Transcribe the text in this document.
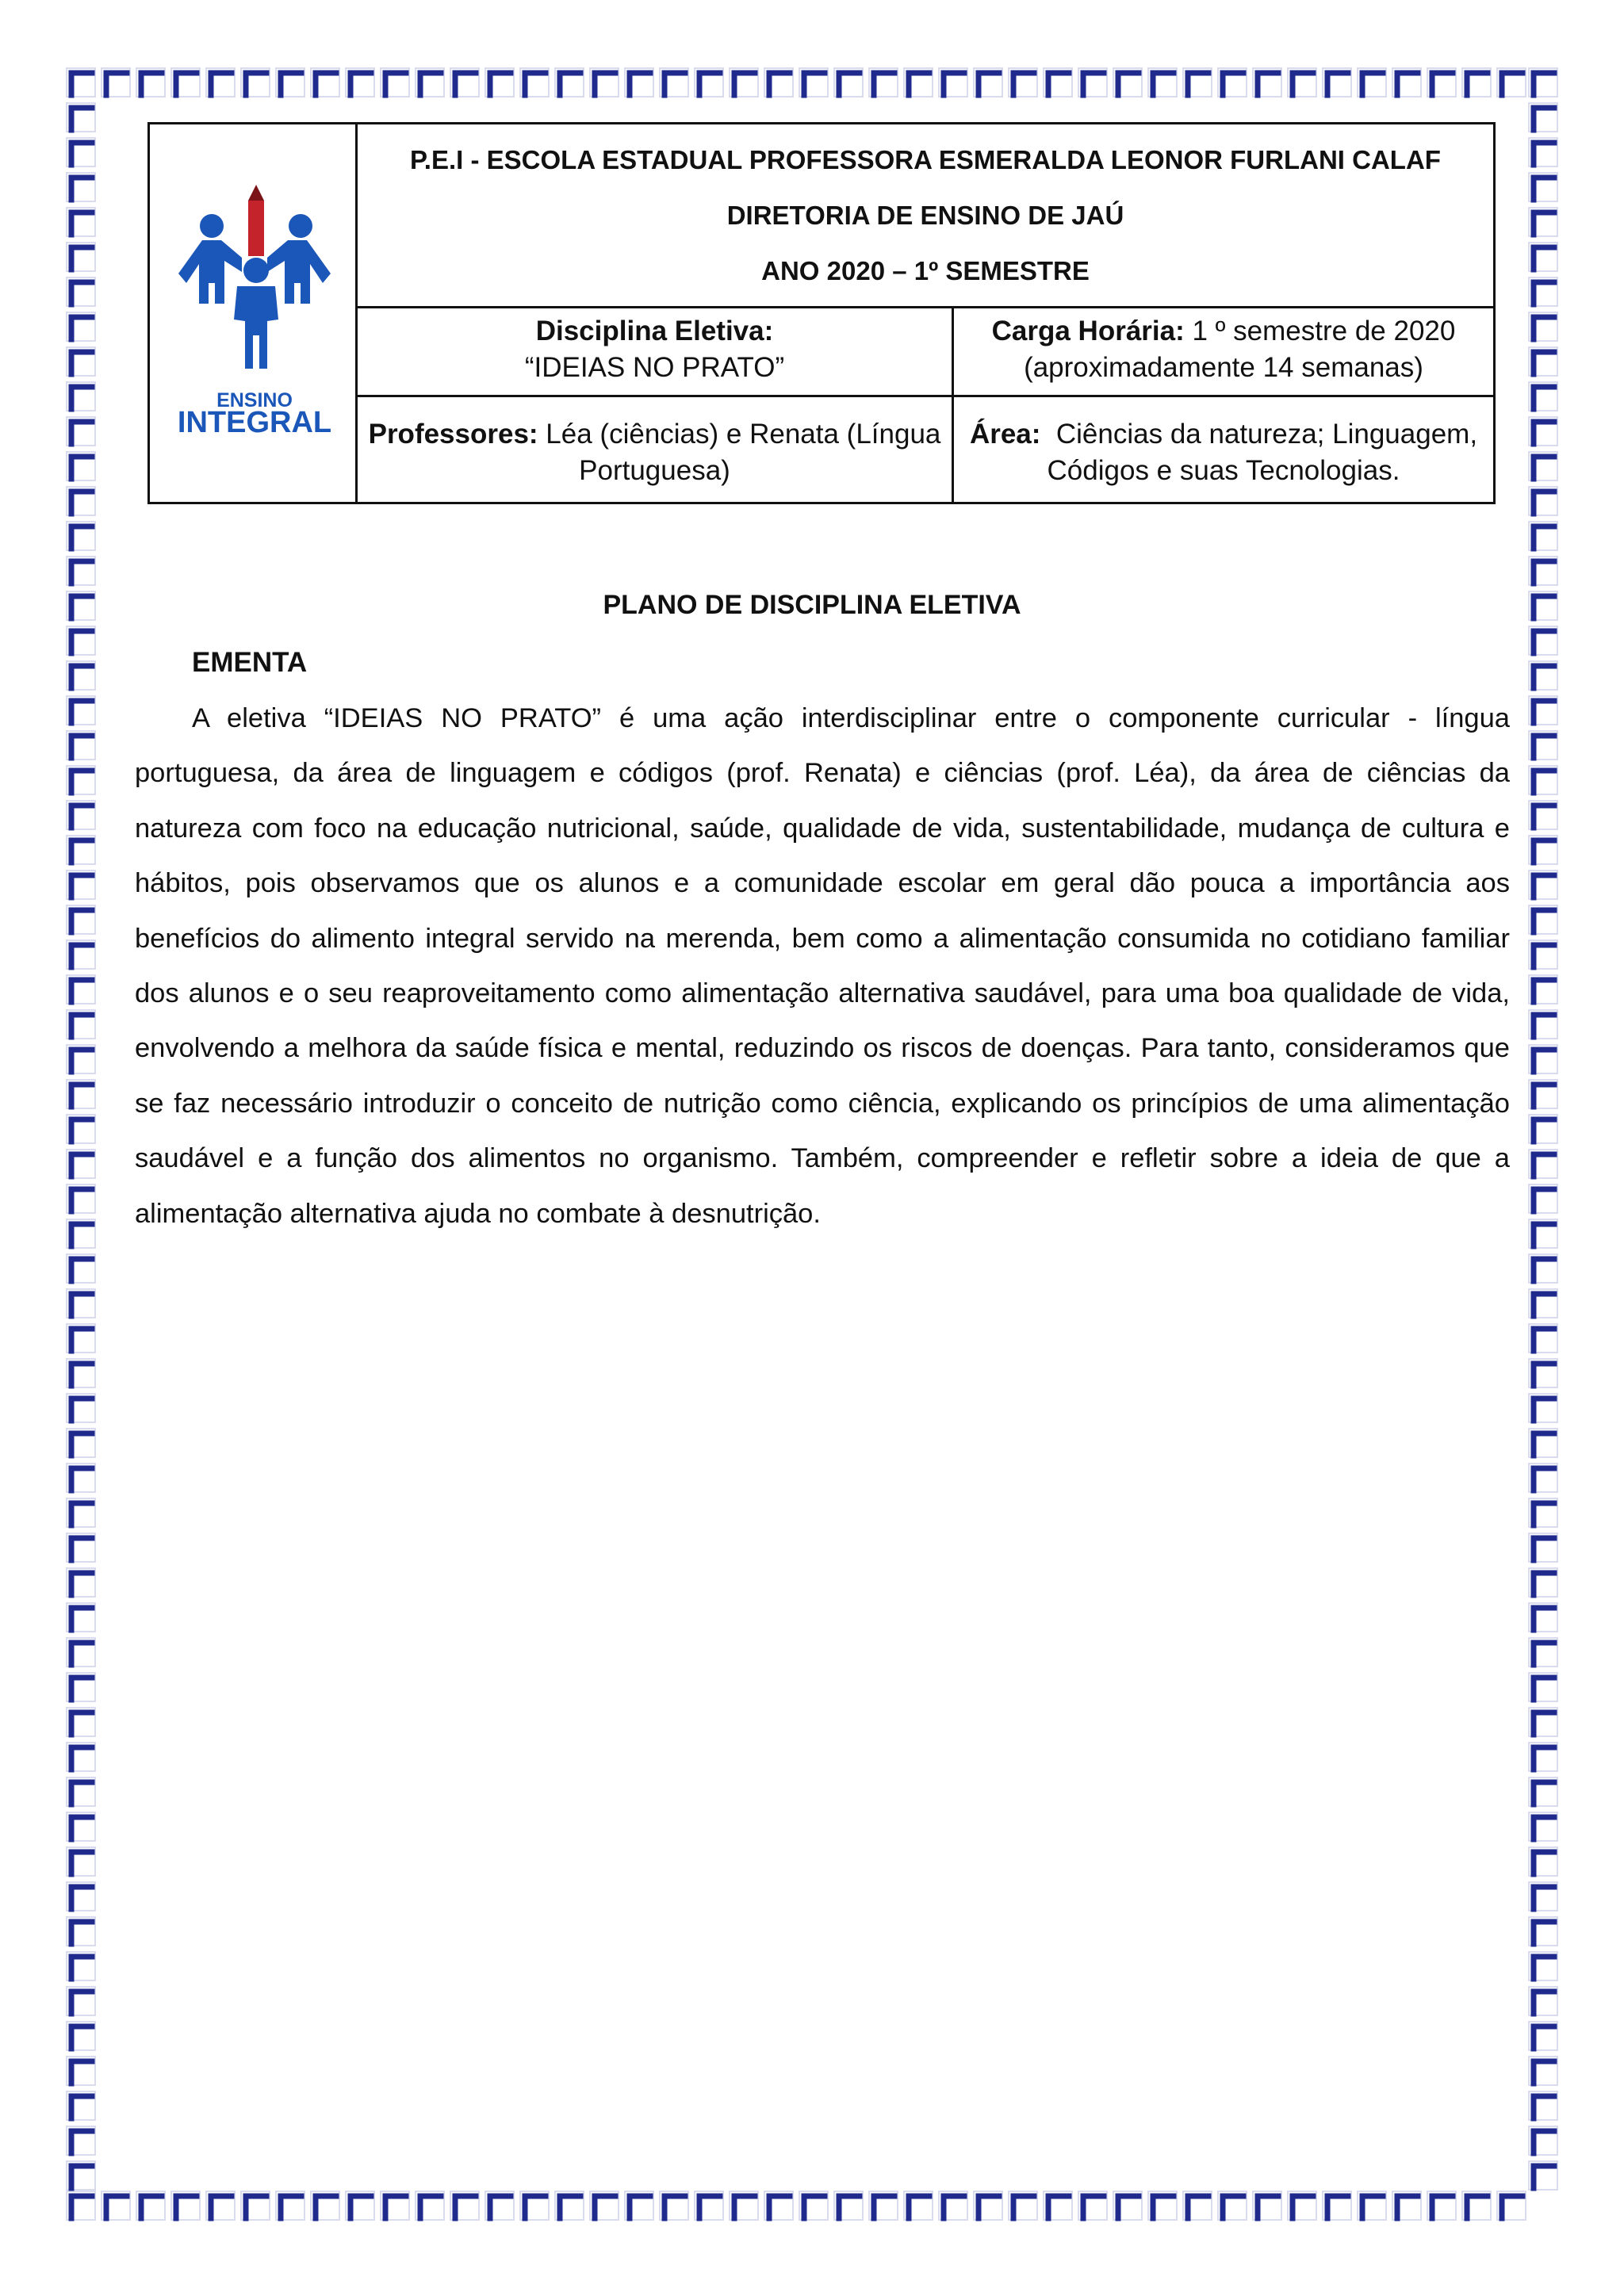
ENSINO
INTEGRAL
P.E.I - ESCOLA ESTADUAL PROFESSORA ESMERALDA LEONOR FURLANI CALAF
DIRETORIA DE ENSINO DE JAÚ
ANO 2020 – 1º SEMESTRE
Disciplina Eletiva:
“IDEIAS NO PRATO”
Carga Horária: 1 º semestre de 2020
(aproximadamente 14 semanas)
Professores: Léa (ciências) e Renata (Língua
Portuguesa)
Área:  Ciências da natureza; Linguagem,
Códigos e suas Tecnologias.
PLANO DE DISCIPLINA ELETIVA
EMENTA

A eletiva “IDEIAS NO PRATO” é uma ação interdisciplinar entre o componente curricular - língua portuguesa, da área de linguagem e códigos (prof. Renata) e ciências (prof. Léa), da área de ciências da natureza com foco na educação nutricional, saúde, qualidade de vida, sustentabilidade, mudança de cultura e hábitos, pois observamos que os alunos e a comunidade escolar em geral dão pouca a importância aos benefícios do alimento integral servido na merenda, bem como a alimentação consumida no cotidiano familiar dos alunos e o seu reaproveitamento como alimentação alternativa saudável, para uma boa qualidade de vida, envolvendo a melhora da saúde física e mental, reduzindo os riscos de doenças. Para tanto, consideramos que se faz necessário introduzir o conceito de nutrição como ciência, explicando os princípios de uma alimentação saudável e a função dos alimentos no organismo. Também, compreender e refletir sobre a ideia de que a alimentação alternativa ajuda no combate à desnutrição.
